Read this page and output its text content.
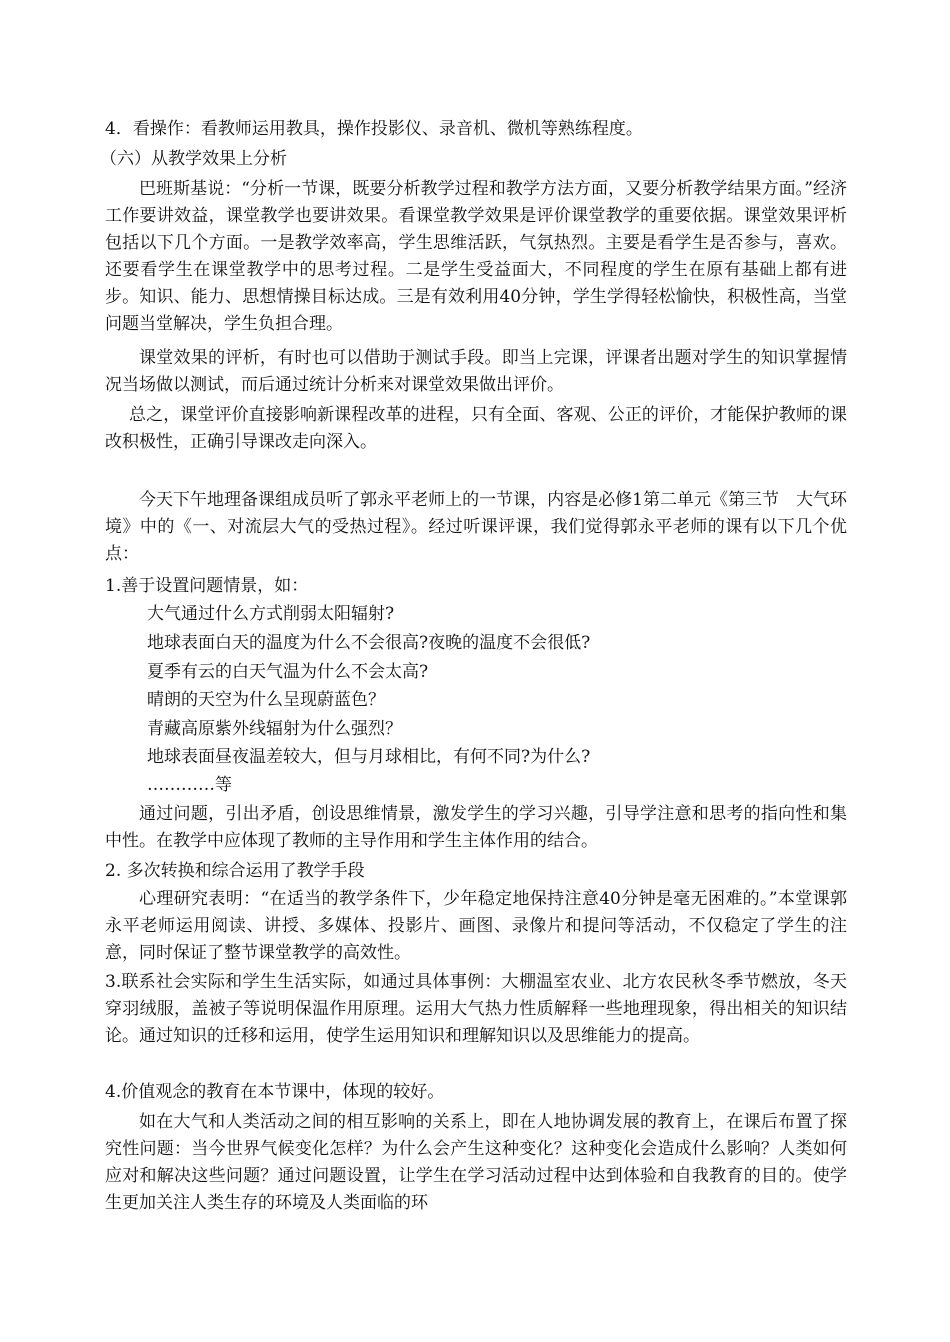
4．看操作：看教师运用教具，操作投影仪、录音机、微机等熟练程度。

（六）从教学效果上分析

巴班斯基说：“分析一节课，既要分析教学过程和教学方法方面，又要分析教学结果方面。”经济工作要讲效益，课堂教学也要讲效果。看课堂教学效果是评价课堂教学的重要依据。课堂效果评析包括以下几个方面。一是教学效率高，学生思维活跃，气氛热烈。主要是看学生是否参与，喜欢。还要看学生在课堂教学中的思考过程。二是学生受益面大，不同程度的学生在原有基础上都有进步。知识、能力、思想情操目标达成。三是有效利用40分钟，学生学得轻松愉快，积极性高，当堂问题当堂解决，学生负担合理。

课堂效果的评析，有时也可以借助于测试手段。即当上完课，评课者出题对学生的知识掌握情况当场做以测试，而后通过统计分析来对课堂效果做出评价。

总之，课堂评价直接影响新课程改革的进程，只有全面、客观、公正的评价，才能保护教师的课改积极性，正确引导课改走向深入。

今天下午地理备课组成员听了郭永平老师上的一节课，内容是必修1第二单元《第三节　大气环境》中的《一、对流层大气的受热过程》。经过听课评课，我们觉得郭永平老师的课有以下几个优点：

1.善于设置问题情景，如：

大气通过什么方式削弱太阳辐射?

地球表面白天的温度为什么不会很高?夜晚的温度不会很低?

夏季有云的白天气温为什么不会太高?

晴朗的天空为什么呈现蔚蓝色？

青藏高原紫外线辐射为什么强烈？

地球表面昼夜温差较大，但与月球相比，有何不同?为什么?

…………等

通过问题，引出矛盾，创设思维情景，激发学生的学习兴趣，引导学注意和思考的指向性和集中性。在教学中应体现了教师的主导作用和学生主体作用的结合。

2. 多次转换和综合运用了教学手段

心理研究表明：“在适当的教学条件下，少年稳定地保持注意40分钟是毫无困难的。”本堂课郭永平老师运用阅读、讲授、多媒体、投影片、画图、录像片和提问等活动，不仅稳定了学生的注意，同时保证了整节课堂教学的高效性。

3.联系社会实际和学生生活实际，如通过具体事例：大棚温室农业、北方农民秋冬季节燃放，冬天穿羽绒服，盖被子等说明保温作用原理。运用大气热力性质解释一些地理现象，得出相关的知识结论。通过知识的迁移和运用，使学生运用知识和理解知识以及思维能力的提高。

4.价值观念的教育在本节课中，体现的较好。

如在大气和人类活动之间的相互影响的关系上，即在人地协调发展的教育上，在课后布置了探究性问题：当今世界气候变化怎样？为什么会产生这种变化？这种变化会造成什么影响？人类如何应对和解决这些问题？通过问题设置，让学生在学习活动过程中达到体验和自我教育的目的。使学生更加关注人类生存的环境及人类面临的环
